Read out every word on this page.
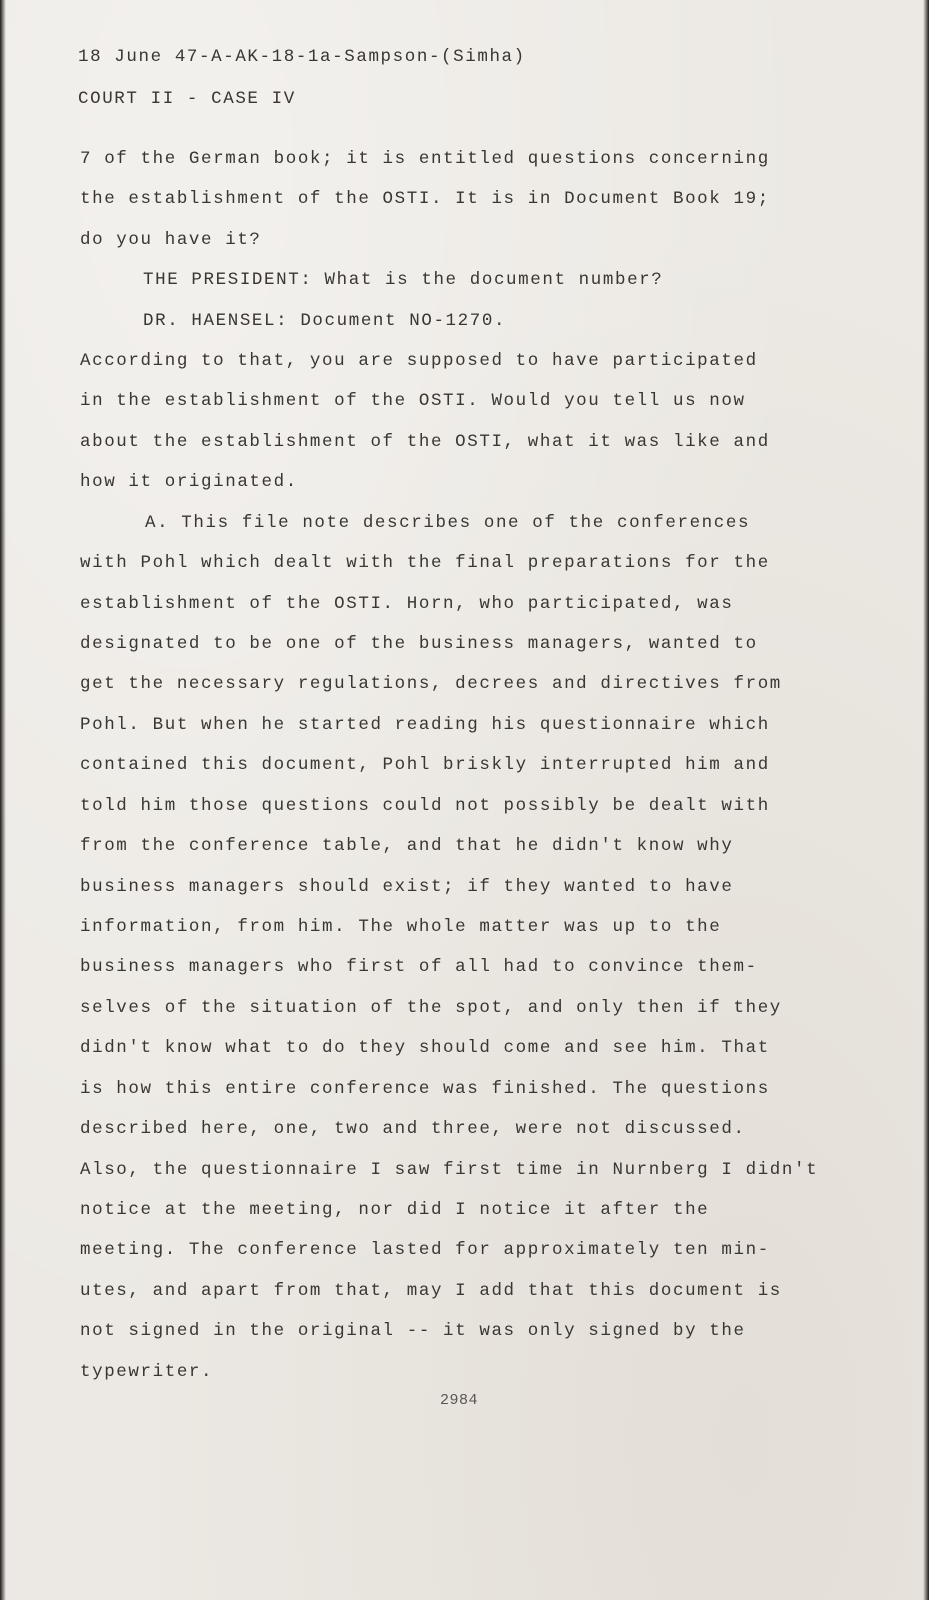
18 June 47-A-AK-18-1a-Sampson-(Simha)
COURT II - CASE IV
7 of the German book; it is entitled questions concerning
the establishment of the OSTI. It is in Document Book 19;
do you have it?
THE PRESIDENT: What is the document number?
DR. HAENSEL: Document NO-1270.
According to that, you are supposed to have participated
in the establishment of the OSTI. Would you tell us now
about the establishment of the OSTI, what it was like and
how it originated.
A. This file note describes one of the conferences
with Pohl which dealt with the final preparations for the
establishment of the OSTI. Horn, who participated, was
designated to be one of the business managers, wanted to
get the necessary regulations, decrees and directives from
Pohl. But when he started reading his questionnaire which
contained this document, Pohl briskly interrupted him and
told him those questions could not possibly be dealt with
from the conference table, and that he didn't know why
business managers should exist; if they wanted to have
information, from him. The whole matter was up to the
business managers who first of all had to convince them-
selves of the situation of the spot, and only then if they
didn't know what to do they should come and see him. That
is how this entire conference was finished. The questions
described here, one, two and three, were not discussed.
Also, the questionnaire I saw first time in Nurnberg I didn't
notice at the meeting, nor did I notice it after the
meeting. The conference lasted for approximately ten min-
utes, and apart from that, may I add that this document is
not signed in the original -- it was only signed by the
typewriter.
2984
